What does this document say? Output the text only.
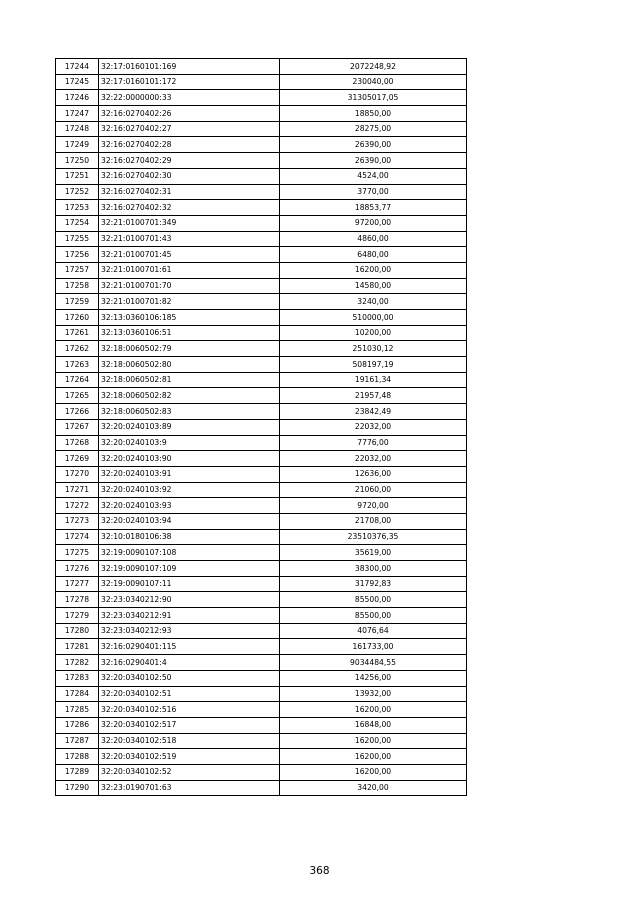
17244	32:17:0160101:169	2072248,92
17245	32:17:0160101:172	230040,00
17246	32:22:0000000:33	31305017,05
17247	32:16:0270402:26	18850,00
17248	32:16:0270402:27	28275,00
17249	32:16:0270402:28	26390,00
17250	32:16:0270402:29	26390,00
17251	32:16:0270402:30	4524,00
17252	32:16:0270402:31	3770,00
17253	32:16:0270402:32	18853,77
17254	32:21:0100701:349	97200,00
17255	32:21:0100701:43	4860,00
17256	32:21:0100701:45	6480,00
17257	32:21:0100701:61	16200,00
17258	32:21:0100701:70	14580,00
17259	32:21:0100701:82	3240,00
17260	32:13:0360106:185	510000,00
17261	32:13:0360106:51	10200,00
17262	32:18:0060502:79	251030,12
17263	32:18:0060502:80	508197,19
17264	32:18:0060502:81	19161,34
17265	32:18:0060502:82	21957,48
17266	32:18:0060502:83	23842,49
17267	32:20:0240103:89	22032,00
17268	32:20:0240103:9	7776,00
17269	32:20:0240103:90	22032,00
17270	32:20:0240103:91	12636,00
17271	32:20:0240103:92	21060,00
17272	32:20:0240103:93	9720,00
17273	32:20:0240103:94	21708,00
17274	32:10:0180106:38	23510376,35
17275	32:19:0090107:108	35619,00
17276	32:19:0090107:109	38300,00
17277	32:19:0090107:11	31792,83
17278	32:23:0340212:90	85500,00
17279	32:23:0340212:91	85500,00
17280	32:23:0340212:93	4076,64
17281	32:16:0290401:115	161733,00
17282	32:16:0290401:4	9034484,55
17283	32:20:0340102:50	14256,00
17284	32:20:0340102:51	13932,00
17285	32:20:0340102:516	16200,00
17286	32:20:0340102:517	16848,00
17287	32:20:0340102:518	16200,00
17288	32:20:0340102:519	16200,00
17289	32:20:0340102:52	16200,00
17290	32:23:0190701:63	3420,00
368
